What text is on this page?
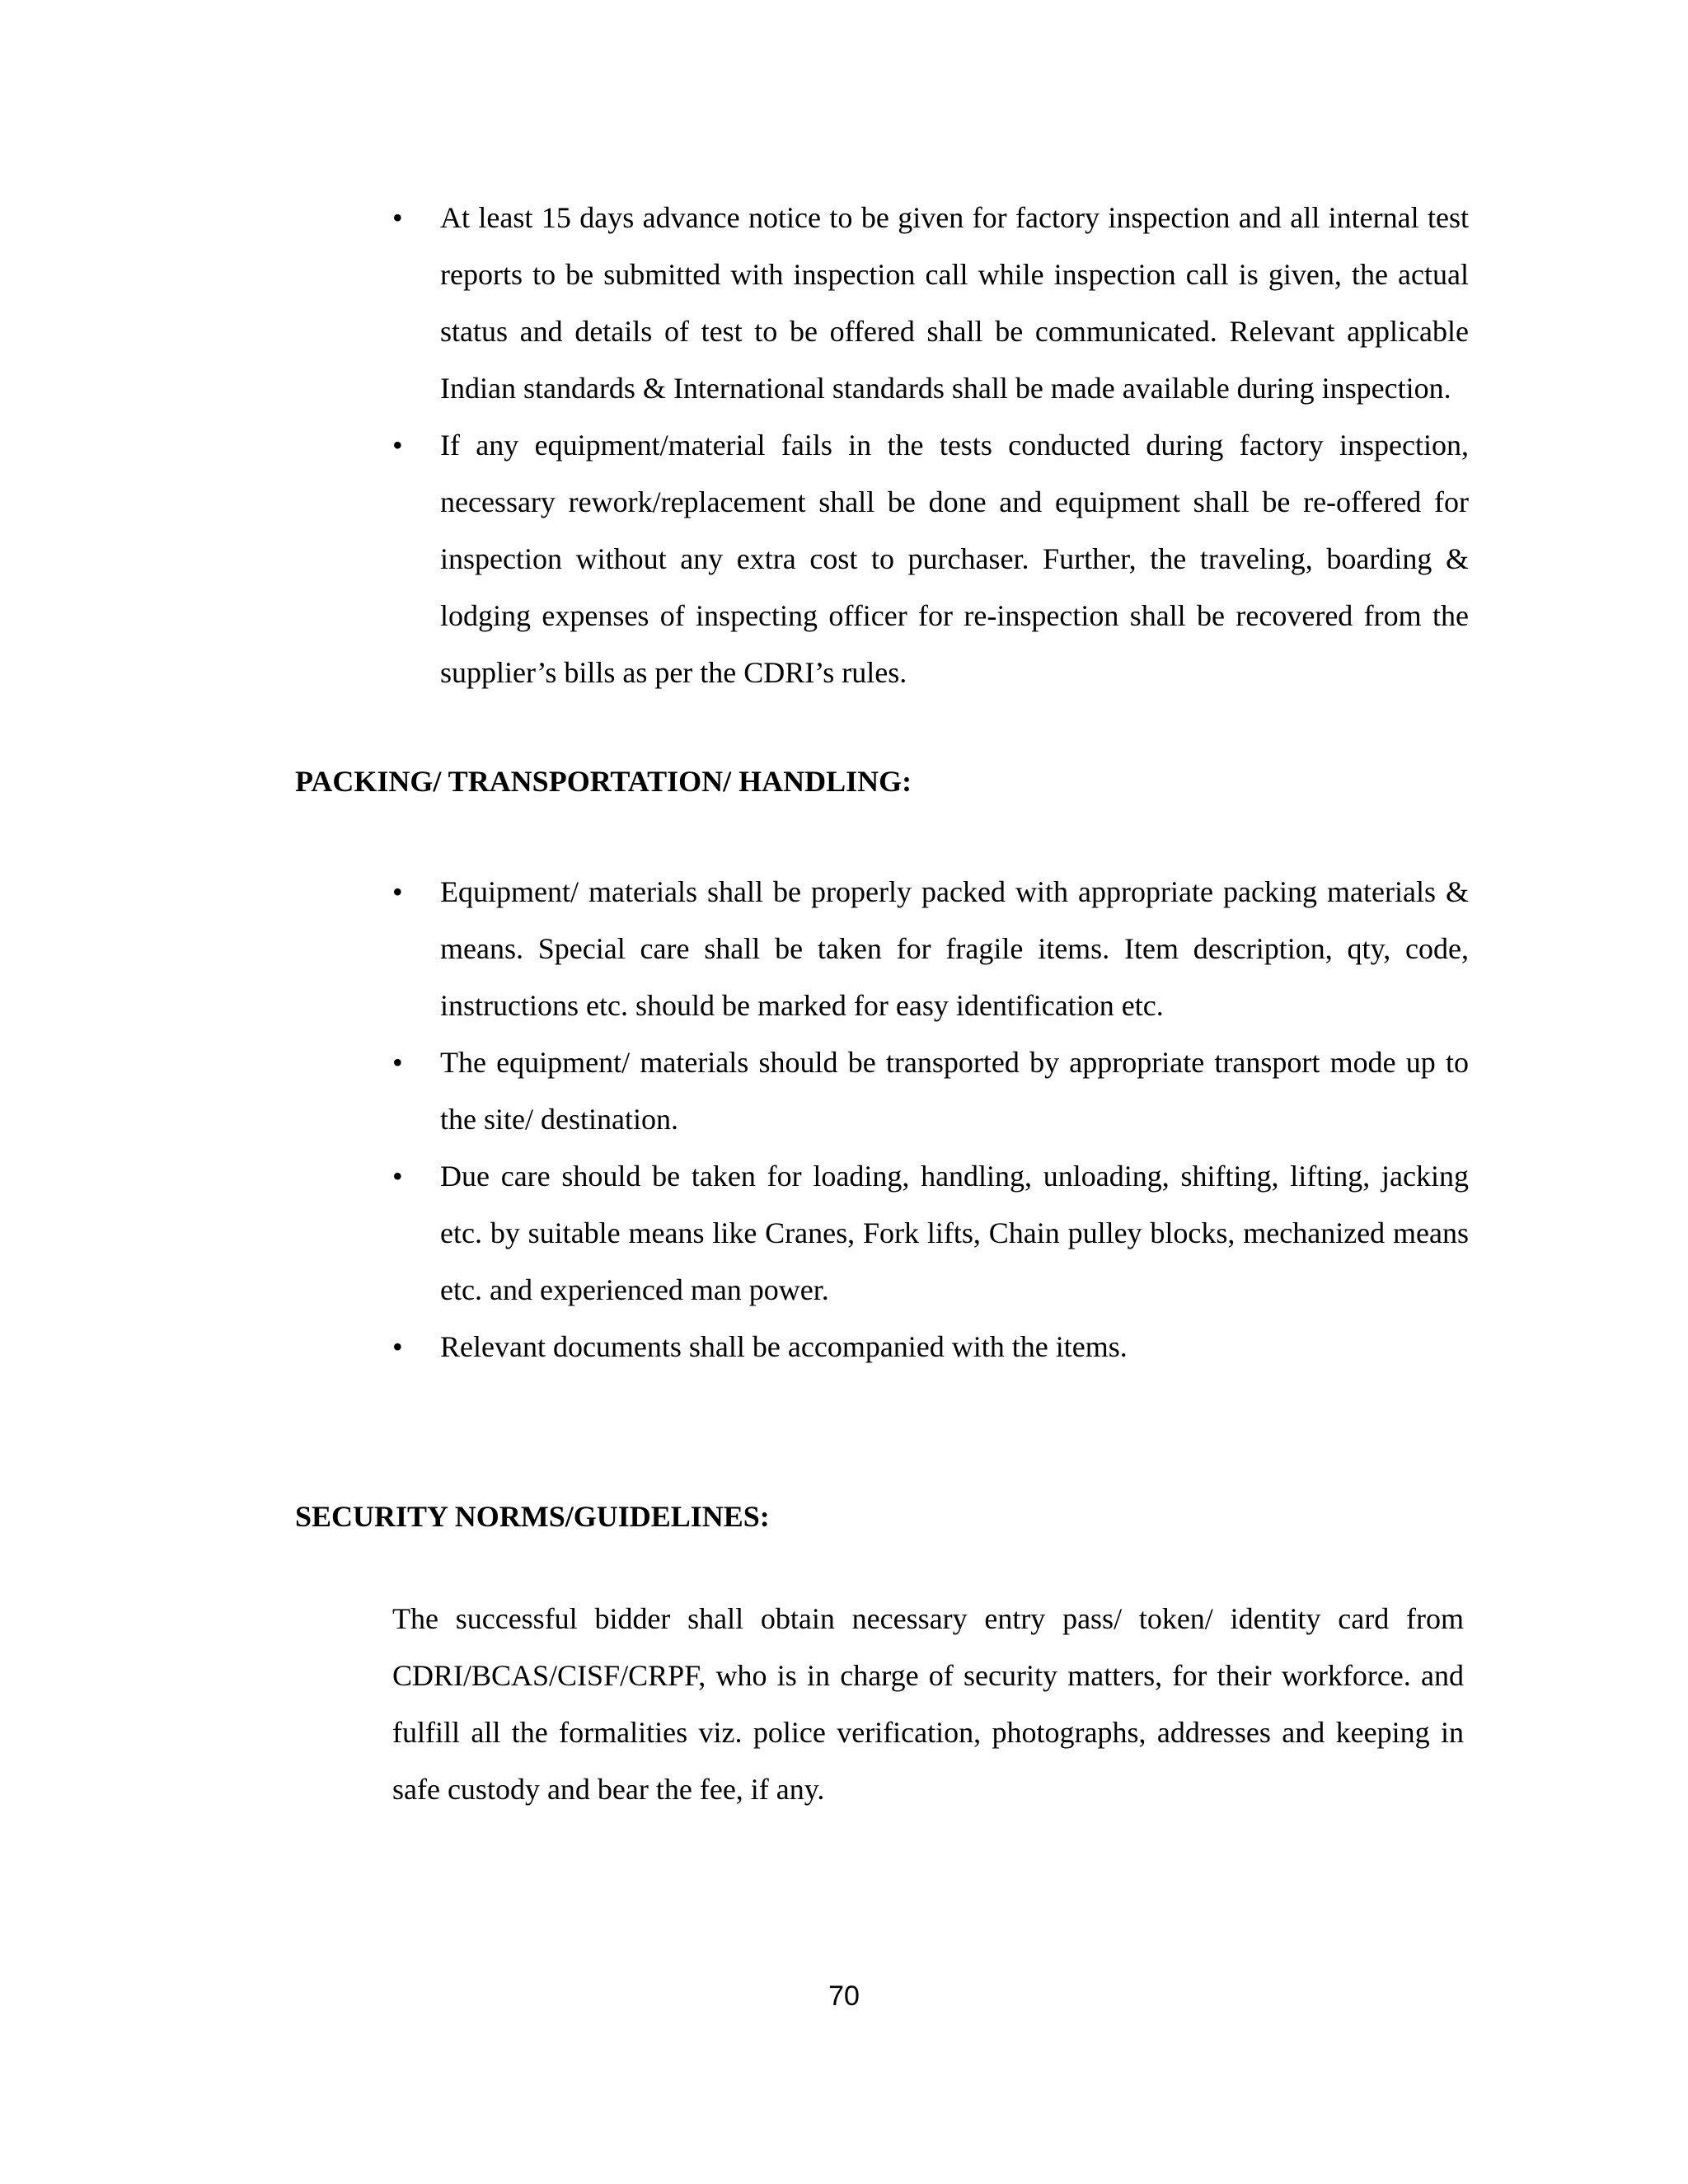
• At least 15 days advance notice to be given for factory inspection and all internal test reports to be submitted with inspection call while inspection call is given, the actual status and details of test to be offered shall be communicated. Relevant applicable Indian standards & International standards shall be made available during inspection.
• If any equipment/material fails in the tests conducted during factory inspection, necessary rework/replacement shall be done and equipment shall be re-offered for inspection without any extra cost to purchaser. Further, the traveling, boarding & lodging expenses of inspecting officer for re-inspection shall be recovered from the supplier’s bills as per the CDRI’s rules.
PACKING/ TRANSPORTATION/ HANDLING:
• Equipment/ materials shall be properly packed with appropriate packing materials & means. Special care shall be taken for fragile items. Item description, qty, code, instructions etc. should be marked for easy identification etc.
• The equipment/ materials should be transported by appropriate transport mode up to the site/ destination.
• Due care should be taken for loading, handling, unloading, shifting, lifting, jacking etc. by suitable means like Cranes, Fork lifts, Chain pulley blocks, mechanized means etc. and experienced man power.
• Relevant documents shall be accompanied with the items.
SECURITY NORMS/GUIDELINES:

The successful bidder shall obtain necessary entry pass/ token/ identity card from CDRI/BCAS/CISF/CRPF, who is in charge of security matters, for their workforce. and fulfill all the formalities viz. police verification, photographs, addresses and keeping in safe custody and bear the fee, if any.

70
